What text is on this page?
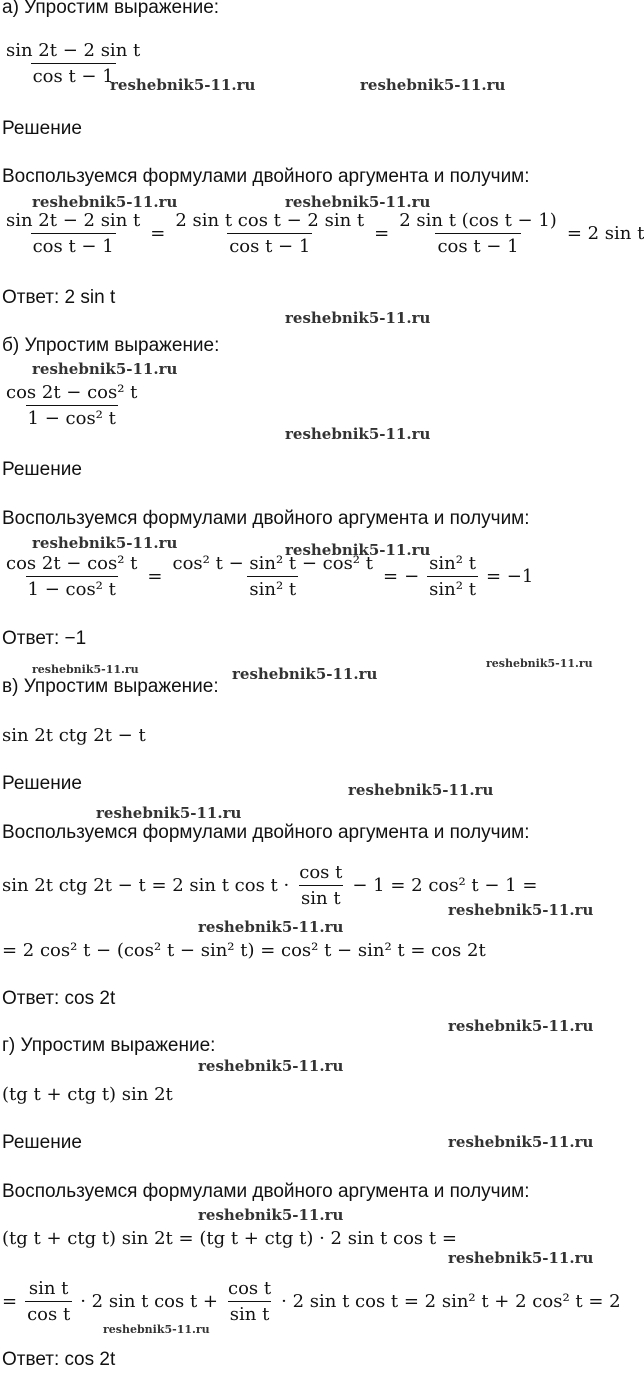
а) Упростим выражение:
$\frac{\text{sin 2t − 2 sin t}}{\text{cos t − 1}}$
Решение
Воспользуемся формулами двойного аргумента и получим:
$\frac{\text{sin 2t − 2 sin t}}{\text{cos t − 1}} = \frac{\text{2 sin t cos t − 2 sin t}}{\text{cos t − 1}} = \frac{\text{2 sin t (cos t − 1)}}{\text{cos t − 1}} = 2$ sin t
Ответ: 2 sin t
б) Упростим выражение:
$\frac{\text{cos 2t − cos² t}}{\text{1 − cos² t}}$
Решение
Воспользуемся формулами двойного аргумента и получим:
$\frac{\text{cos 2t − cos² t}}{\text{1 − cos² t}} = \frac{\text{cos² t − sin² t − cos² t}}{\text{sin² t}}$ = − $\frac{\text{sin² t}}{\text{sin² t}} = -1$
Ответ: −1
в) Упростим выражение:
sin 2t ctg 2t − t
Решение
Воспользуемся формулами двойного аргумента и получим:
sin 2t ctg 2t − t = 2 sin t $\cos t \cdot \frac{\text{cos t}}{\text{sin t}} - 1 = 2$ cos² t − 1 =
= 2 cos² t − (cos² t − sin² t) = cos² t − sin² t = cos 2t
Ответ: cos 2t
г) Упростим выражение:
(tg t + ctg t) sin 2t
Решение
Воспользуемся формулами двойного аргумента и получим:
(tg t + ctg t) sin 2t = (tg t + ctg t) · 2 sin t cos t =
= $\frac{\text{sin t}}{\text{cos t}} \cdot 2$ sin t $\cos t + \frac{\text{cos t}}{\text{sin t}} \cdot 2$ sin t cos t = 2 sin² t + 2 cos² t = 2
Ответ: cos 2t
reshebnik5-11.ru	reshebnik5-11.ru
reshebnik5-11.ru	reshebnik5-11.ru
reshebnik5-11.ru
reshebnik5-11.ru
reshebnik5-11.ru
reshebnik5-11.ru	reshebnik5-11.ru
reshebnik5-11.ru	reshebnik5-11.ru
reshebnik5-11.ru
reshebnik5-11.ru
reshebnik5-11.ru
reshebnik5-11.ru
reshebnik5-11.ru
reshebnik5-11.ru
reshebnik5-11.ru
reshebnik5-11.ru
reshebnik5-11.ru
reshebnik5-11.ru
reshebnik5-11.ru
